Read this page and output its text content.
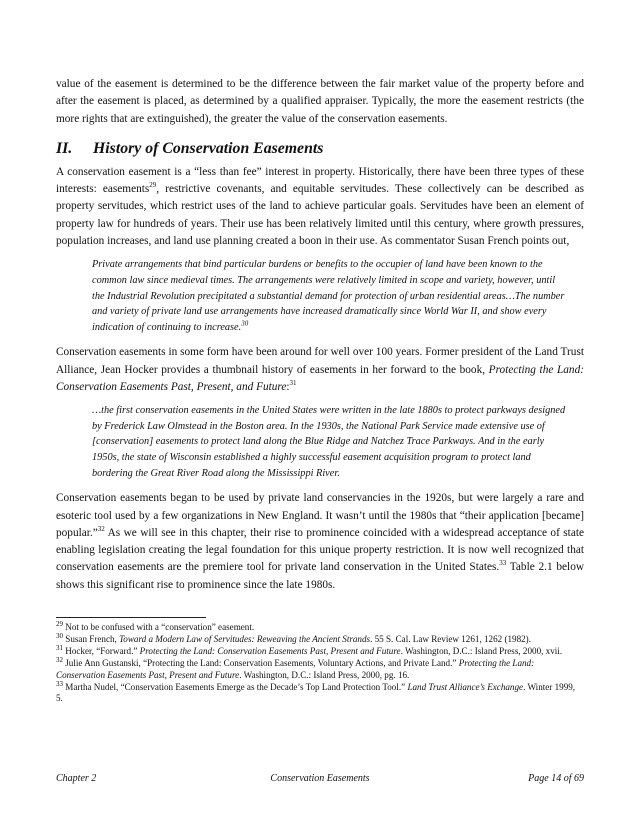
value of the easement is determined to be the difference between the fair market value of the property before and after the easement is placed, as determined by a qualified appraiser. Typically, the more the easement restricts (the more rights that are extinguished), the greater the value of the conservation easements.

II.	History of Conservation Easements

A conservation easement is a “less than fee” interest in property. Historically, there have been three types of these interests: easements$^{29}$, restrictive covenants, and equitable servitudes. These collectively can be described as property servitudes, which restrict uses of the land to achieve particular goals. Servitudes have been an element of property law for hundreds of years. Their use has been relatively limited until this century, where growth pressures, population increases, and land use planning created a boon in their use. As commentator Susan French points out,

Private arrangements that bind particular burdens or benefits to the occupier of land have been known to the common law since medieval times. The arrangements were relatively limited in scope and variety, however, until the Industrial Revolution precipitated a substantial demand for protection of urban residential areas…The number and variety of private land use arrangements have increased dramatically since World War II, and show every indication of continuing to increase.$^{30}$

Conservation easements in some form have been around for well over 100 years. Former president of the Land Trust Alliance, Jean Hocker provides a thumbnail history of easements in her forward to the book, Protecting the Land: Conservation Easements Past, Present, and Future:$^{31}$

…the first conservation easements in the United States were written in the late 1880s to protect parkways designed by Frederick Law Olmstead in the Boston area. In the 1930s, the National Park Service made extensive use of [conservation] easements to protect land along the Blue Ridge and Natchez Trace Parkways. And in the early 1950s, the state of Wisconsin established a highly successful easement acquisition program to protect land bordering the Great River Road along the Mississippi River.

Conservation easements began to be used by private land conservancies in the 1920s, but were largely a rare and esoteric tool used by a few organizations in New England. It wasn’t until the 1980s that “their application [became] popular.”$^{32}$ As we will see in this chapter, their rise to prominence coincided with a widespread acceptance of state enabling legislation creating the legal foundation for this unique property restriction. It is now well recognized that conservation easements are the premiere tool for private land conservation in the United States.$^{33}$ Table 2.1 below shows this significant rise to prominence since the late 1980s.

$^{29}$ Not to be confused with a “conservation” easement.

$^{30}$ Susan French, Toward a Modern Law of Servitudes: Reweaving the Ancient Strands. 55 S. Cal. Law Review 1261, 1262 (1982).

$^{31}$ Hocker, “Forward.” Protecting the Land: Conservation Easements Past, Present and Future. Washington, D.C.: Island Press, 2000, xvii.

$^{32}$ Julie Ann Gustanski, “Protecting the Land: Conservation Easements, Voluntary Actions, and Private Land.” Protecting the Land: Conservation Easements Past, Present and Future. Washington, D.C.: Island Press, 2000, pg. 16.

$^{33}$ Martha Nudel, “Conservation Easements Emerge as the Decade’s Top Land Protection Tool.” Land Trust Alliance’s Exchange. Winter 1999, 5.

Chapter 2	Conservation Easements	Page 14 of 69
